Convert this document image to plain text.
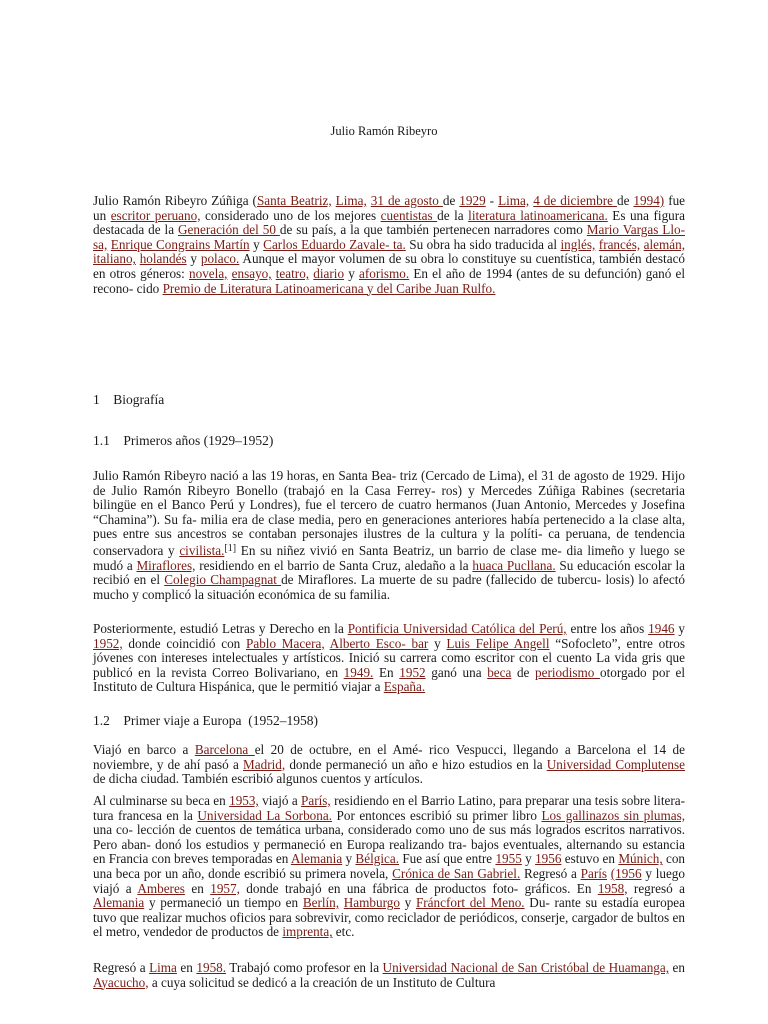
Julio Ramón Ribeyro

Julio Ramón Ribeyro Zúñiga (Santa Beatriz, Lima, 31 de agosto de 1929 - Lima, 4 de diciembre de 1994) fue un escritor peruano, considerado uno de los mejores cuentistas de la literatura latinoamericana. Es una figura destacada de la Generación del 50 de su país, a la que también pertenecen narradores como Mario Vargas Llo- sa, Enrique Congrains Martín y Carlos Eduardo Zavale- ta. Su obra ha sido traducida al inglés, francés, alemán, italiano, holandés y polaco. Aunque el mayor volumen de su obra lo constituye su cuentística, también destacó en otros géneros: novela, ensayo, teatro, diario y aforismo. En el año de 1994 (antes de su defunción) ganó el recono- cido Premio de Literatura Latinoamericana y del Caribe Juan Rulfo.

1    Biografía
1.1    Primeros años (1929–1952)

Julio Ramón Ribeyro nació a las 19 horas, en Santa Bea- triz (Cercado de Lima), el 31 de agosto de 1929. Hijo de Julio Ramón Ribeyro Bonello (trabajó en la Casa Ferrey- ros) y Mercedes Zúñiga Rabines (secretaria bilingüe en el Banco Perú y Londres), fue el tercero de cuatro hermanos (Juan Antonio, Mercedes y Josefina “Chamina”). Su fa- milia era de clase media, pero en generaciones anteriores había pertenecido a la clase alta, pues entre sus ancestros se contaban personajes ilustres de la cultura y la políti- ca peruana, de tendencia conservadora y civilista.[1] En su niñez vivió en Santa Beatriz, un barrio de clase me- dia limeño y luego se mudó a Miraflores, residiendo en el barrio de Santa Cruz, aledaño a la huaca Pucllana. Su educación escolar la recibió en el Colegio Champagnat de Miraflores. La muerte de su padre (fallecido de tubercu- losis) lo afectó mucho y complicó la situación económica de su familia.

Posteriormente, estudió Letras y Derecho en la Pontificia Universidad Católica del Perú, entre los años 1946 y 1952, donde coincidió con Pablo Macera, Alberto Esco- bar y Luis Felipe Angell “Sofocleto”, entre otros jóvenes con intereses intelectuales y artísticos. Inició su carrera como escritor con el cuento La vida gris que publicó en la revista Correo Bolivariano, en 1949. En 1952 ganó una beca de periodismo otorgado por el Instituto de Cultura Hispánica, que le permitió viajar a España.

1.2    Primer viaje a Europa  (1952–1958)

Viajó en barco a Barcelona el 20 de octubre, en el Amé- rico Vespucci, llegando a Barcelona el 14 de noviembre, y de ahí pasó a Madrid, donde permaneció un año e hizo estudios en la Universidad Complutense de dicha ciudad. También escribió algunos cuentos y artículos.

Al culminarse su beca en 1953, viajó a París, residiendo en el Barrio Latino, para preparar una tesis sobre litera- tura francesa en la Universidad La Sorbona. Por entonces escribió su primer libro Los gallinazos sin plumas, una co- lección de cuentos de temática urbana, considerado como uno de sus más logrados escritos narrativos. Pero aban- donó los estudios y permaneció en Europa realizando tra- bajos eventuales, alternando su estancia en Francia con breves temporadas en Alemania y Bélgica. Fue así que entre 1955 y 1956 estuvo en Múnich, con una beca por un año, donde escribió su primera novela, Crónica de San Gabriel. Regresó a París (1956 y luego viajó a Amberes en 1957, donde trabajó en una fábrica de productos foto- gráficos. En 1958, regresó a Alemania y permaneció un tiempo en Berlín, Hamburgo y Fráncfort del Meno. Du- rante su estadía europea tuvo que realizar muchos oficios para sobrevivir, como reciclador de periódicos, conserje, cargador de bultos en el metro, vendedor de productos de imprenta, etc.

Regresó a Lima en 1958. Trabajó como profesor en la Universidad Nacional de San Cristóbal de Huamanga, en Ayacucho, a cuya solicitud se dedicó a la creación de un Instituto de Cultura
